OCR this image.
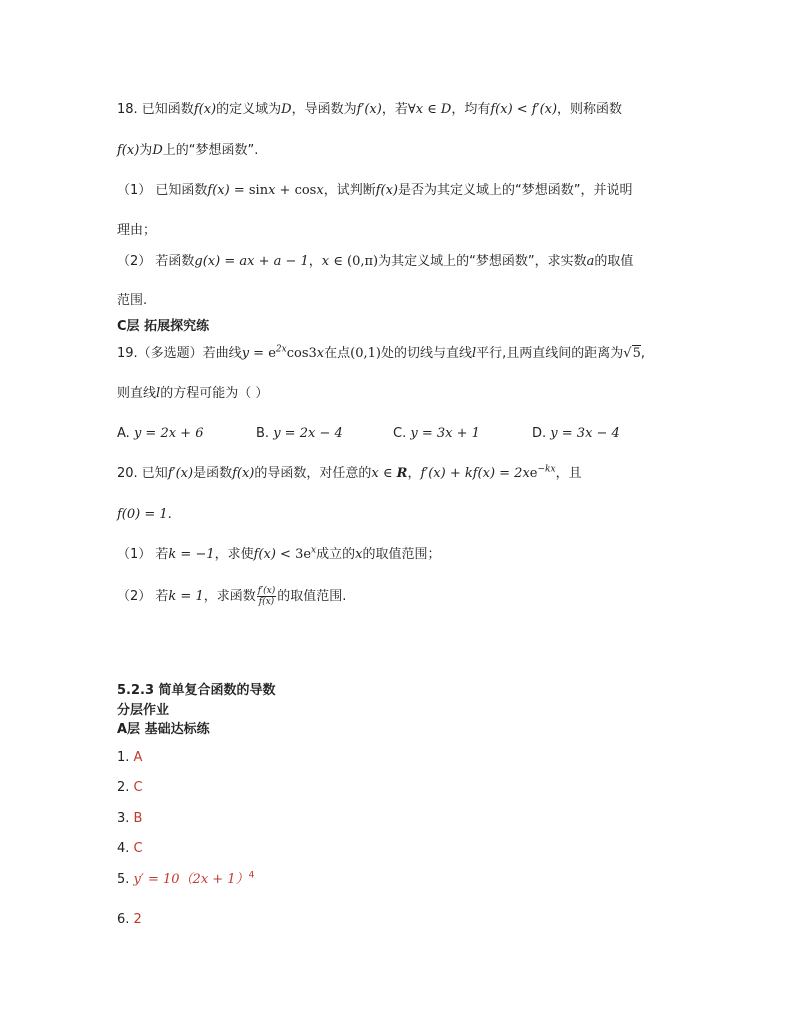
18. 已知函数f(x)的定义域为D，导函数为f′(x)，若∀x ∈ D，均有f(x) < f′(x)，则称函数
f(x)为D上的“梦想函数”.
（1） 已知函数f(x) = sinx + cosx，试判断f(x)是否为其定义域上的“梦想函数”，并说明
理由；
（2） 若函数g(x) = ax + a − 1，x ∈ (0,π)为其定义域上的“梦想函数”，求实数a的取值
范围.
C层 拓展探究练
19.（多选题）若曲线$y = e^{2x}\cos 3x$在点(0,1)处的切线与直线l平行,且两直线间的距离为√5,
则直线l的方程可能为（ ）
A. y = 2x + 6	B. y = 2x − 4	C. y = 3x + 1	D. y = 3x − 4
20. 已知f′(x)是函数f(x)的导函数，对任意的x ∈ R，$f'(x) + kf(x) = 2xe^{-kx}$，且
f(0) = 1.
（1） 若k = −1，求使$f(x) < 3e^x$成立的x的取值范围；
（2） 若k = 1，求函数 $\frac{f'(x)}{f(x)}$ 的取值范围.
5.2.3 简单复合函数的导数
分层作业
A层 基础达标练
1. A
2. C
3. B
4. C
5. $y' = 10(2x + 1)^4$
6. 2
